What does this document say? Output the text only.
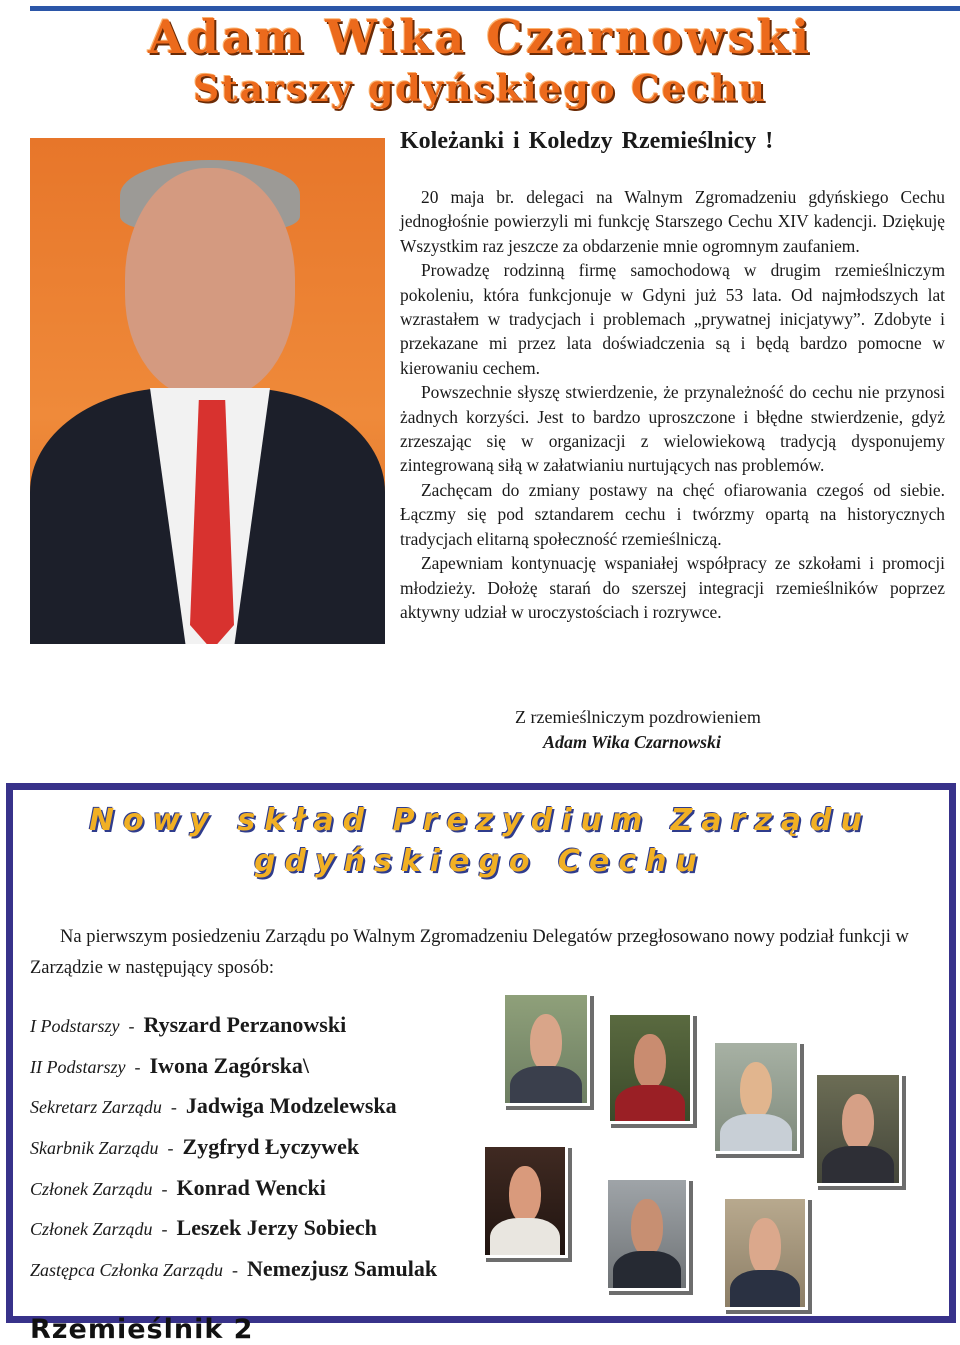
Adam Wika Czarnowski
Starszy gdyńskiego Cechu
Koleżanki i Koledzy Rzemieślnicy !

20 maja br. delegaci na Walnym Zgromadzeniu gdyńskiego Cechu jednogłośnie powierzyli mi funkcję Starszego Cechu XIV kadencji. Dziękuję Wszystkim raz jeszcze za obdarzenie mnie ogromnym zaufaniem.

Prowadzę rodzinną firmę samochodową w drugim rzemieślniczym pokoleniu, która funkcjonuje w Gdyni już 53 lata. Od najmłodszych lat wzrastałem w tradycjach i problemach „prywatnej inicjatywy”. Zdobyte i przekazane mi przez lata doświadczenia są i będą bardzo pomocne w kierowaniu cechem.

Powszechnie słyszę stwierdzenie, że przynależność do cechu nie przynosi żadnych korzyści. Jest to bardzo uproszczone i błędne stwierdzenie, gdyż zrzeszając się w organizacji z wielowiekową tradycją dysponujemy zintegrowaną siłą w załatwianiu nurtujących nas problemów.

Zachęcam do zmiany postawy na chęć ofiarowania czegoś od siebie. Łączmy się pod sztandarem cechu i twórzmy opartą na historycznych tradycjach elitarną społeczność rzemieślniczą.

Zapewniam kontynuację wspaniałej współpracy ze szkołami i promocji młodzieży. Dołożę starań do szerszej integracji rzemieślników poprzez aktywny udział w uroczystościach i rozrywce.

Z rzemieślniczym pozdrowieniem
Adam Wika Czarnowski
Nowy skład Prezydium Zarządu
gdyńskiego Cechu

Na pierwszym posiedzeniu Zarządu po Walnym Zgromadzeniu Delegatów przegłosowano nowy podział funkcji w Zarządzie w następujący sposób:

I Podstarszy - Ryszard Perzanowski
II Podstarszy - Iwona Zagórska\
Sekretarz Zarządu - Jadwiga Modzelewska
Skarbnik Zarządu - Zygfryd Łyczywek
Członek Zarządu - Konrad Wencki
Członek Zarządu - Leszek Jerzy Sobiech
Zastępca Członka Zarządu - Nemezjusz Samulak
Rzemieślnik 2
